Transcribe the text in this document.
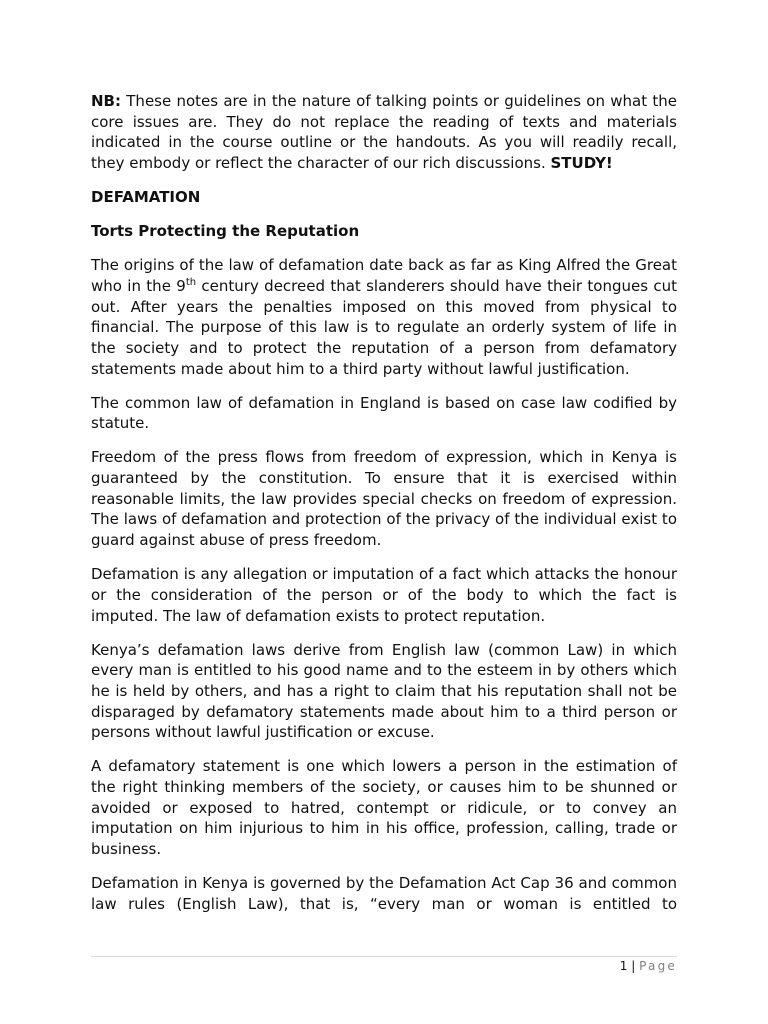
NB: These notes are in the nature of talking points or guidelines on what the core issues are. They do not replace the reading of texts and materials indicated in the course outline or the handouts. As you will readily recall, they embody or reflect the character of our rich discussions. STUDY!

DEFAMATION

Torts Protecting the Reputation

The origins of the law of defamation date back as far as King Alfred the Great who in the 9th century decreed that slanderers should have their tongues cut out. After years the penalties imposed on this moved from physical to financial. The purpose of this law is to regulate an orderly system of life in the society and to protect the reputation of a person from defamatory statements made about him to a third party without lawful justification.

The common law of defamation in England is based on case law codified by statute.

Freedom of the press flows from freedom of expression, which in Kenya is guaranteed by the constitution. To ensure that it is exercised within reasonable limits, the law provides special checks on freedom of expression. The laws of defamation and protection of the privacy of the individual exist to guard against abuse of press freedom.

Defamation is any allegation or imputation of a fact which attacks the honour or the consideration of the person or of the body to which the fact is imputed. The law of defamation exists to protect reputation.

Kenya’s defamation laws derive from English law (common Law) in which every man is entitled to his good name and to the esteem in by others which he is held by others, and has a right to claim that his reputation shall not be disparaged by defamatory statements made about him to a third person or persons without lawful justification or excuse.

A defamatory statement is one which lowers a person in the estimation of the right thinking members of the society, or causes him to be shunned or avoided or exposed to hatred, contempt or ridicule, or to convey an imputation on him injurious to him in his office, profession, calling, trade or business.

Defamation in Kenya is governed by the Defamation Act Cap 36 and common law rules (English Law), that is, “every man or woman is entitled to

1 | Page
